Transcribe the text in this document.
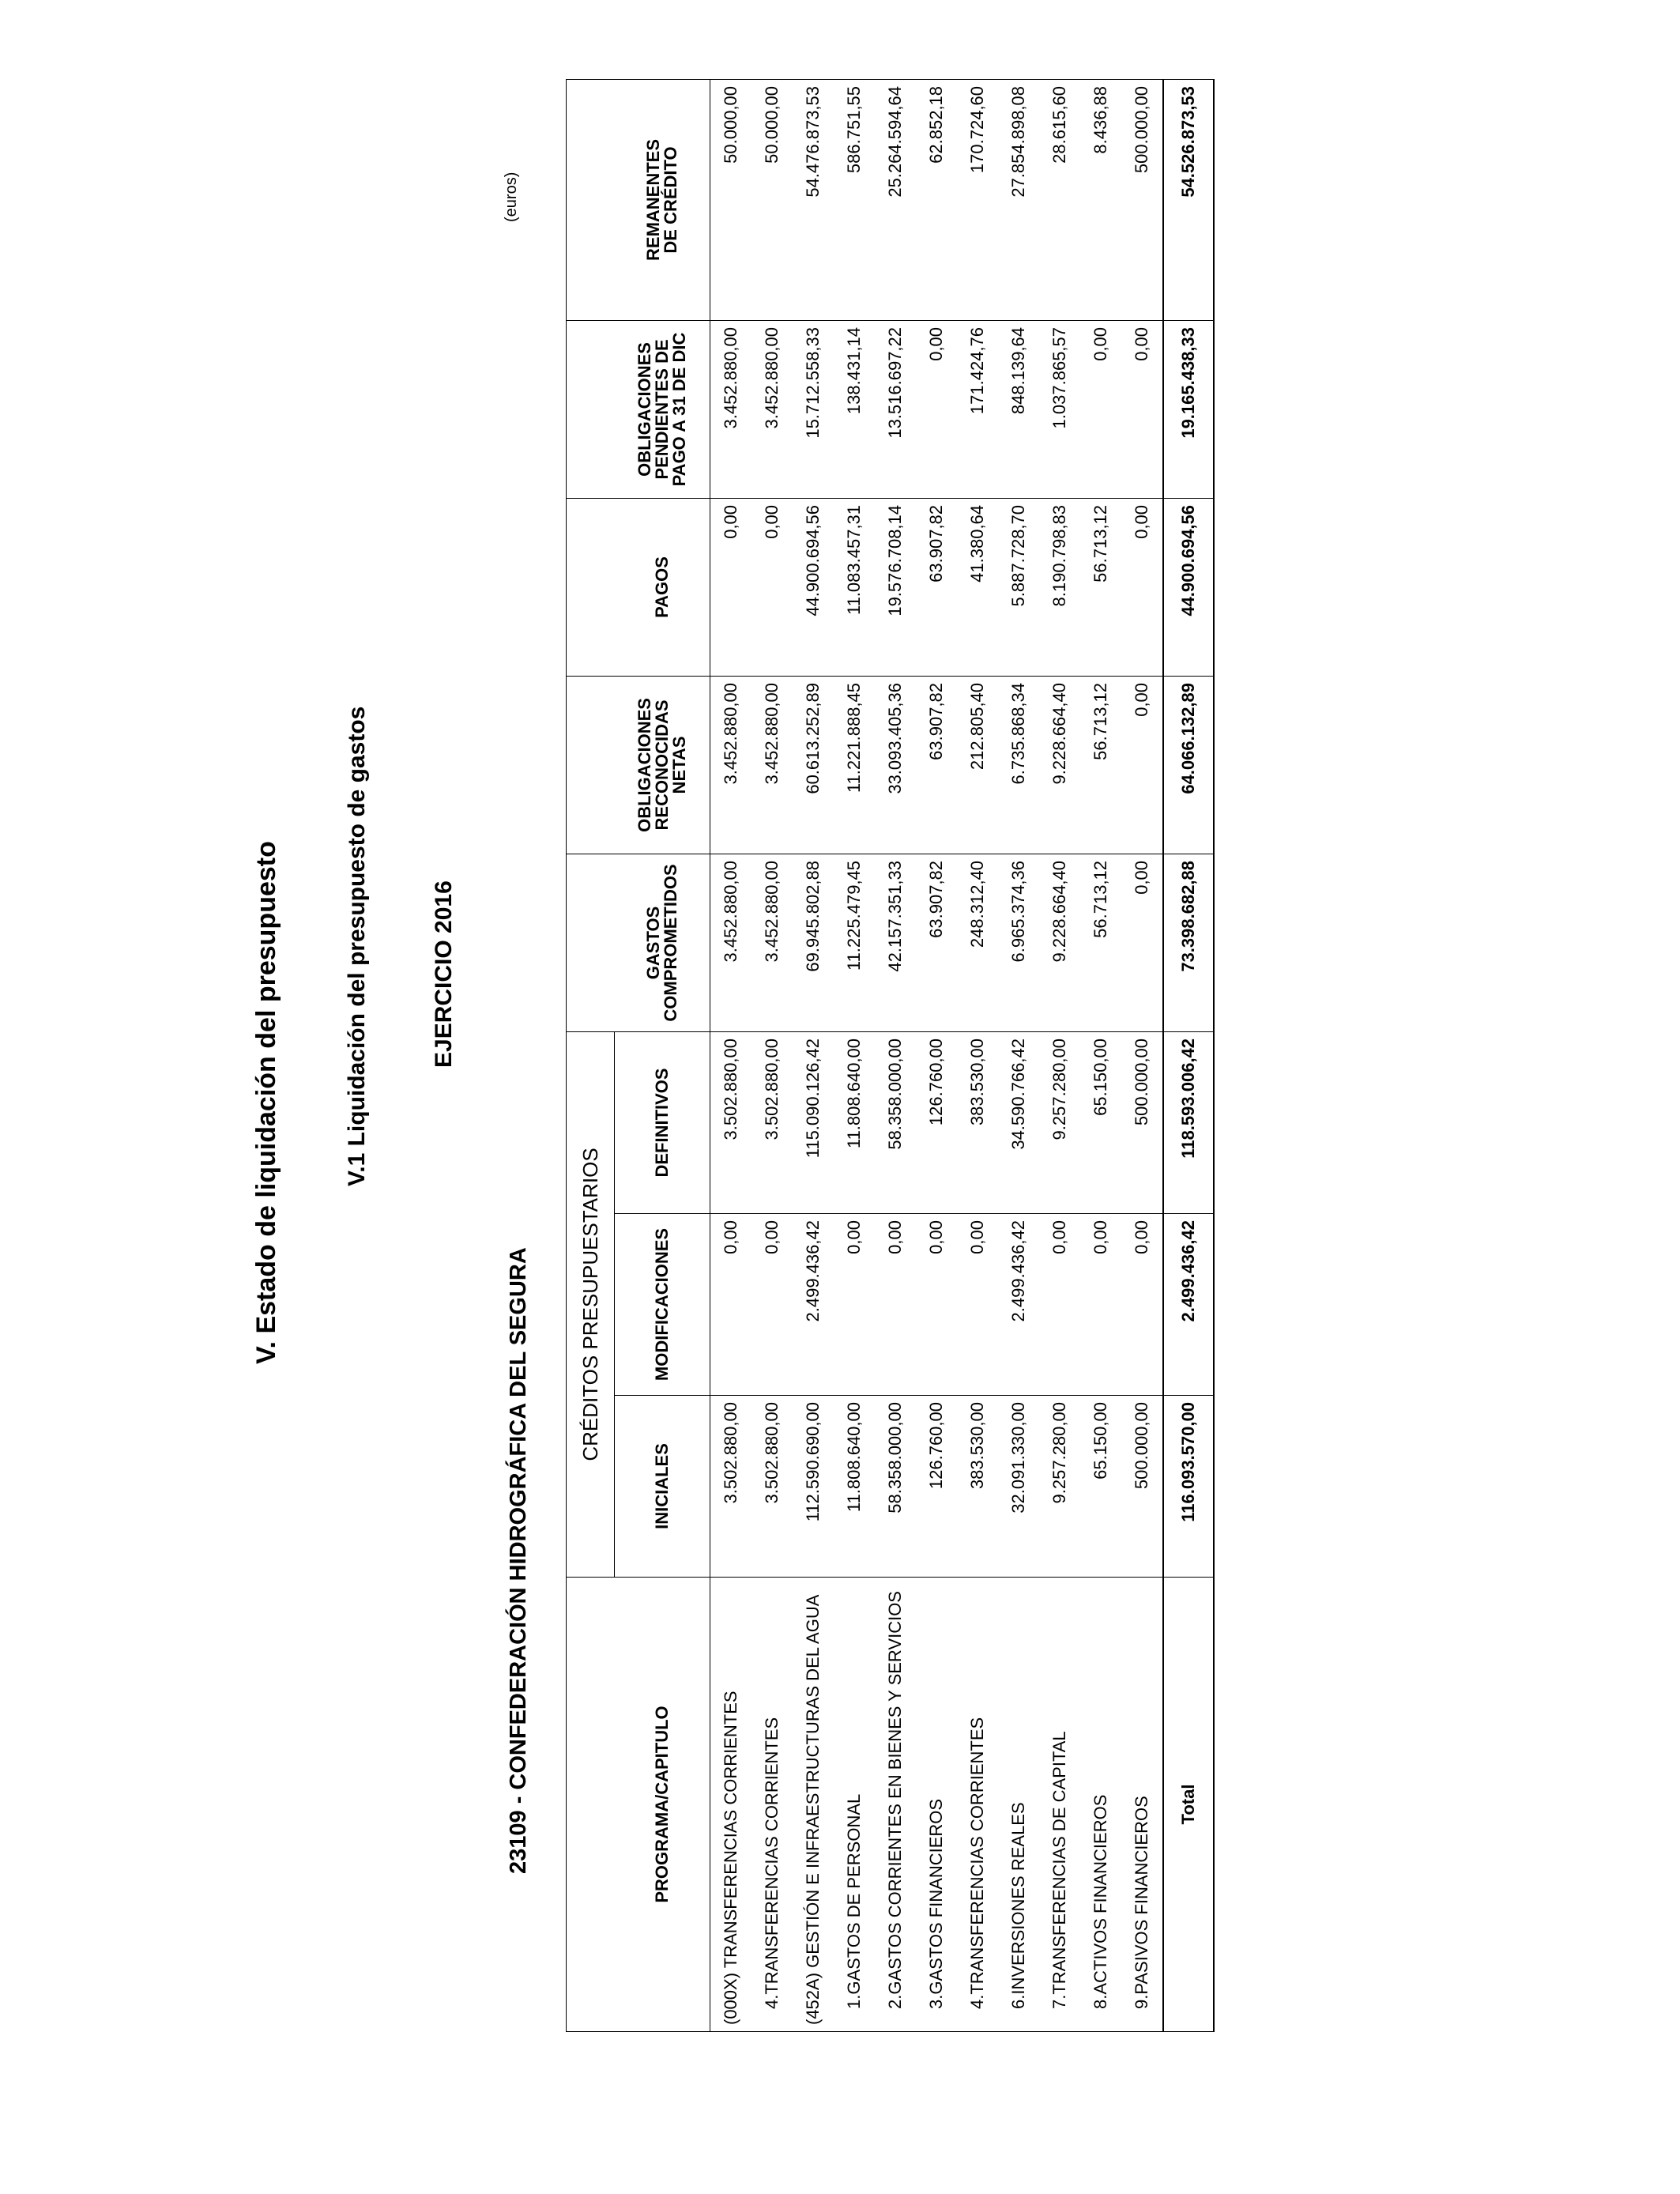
V. Estado de liquidación del presupuesto	V.1 Liquidación del presupuesto de gastos	EJERCICIO 2016
23109 - CONFEDERACIÓN HIDROGRÁFICA DEL SEGURA
(euros)
	CRÉDITOS PRESUPUESTARIOS							
PROGRAMA/CAPITULO	INICIALES	MODIFICACIONES	DEFINITIVOS	GASTOS
COMPROMETIDOS	OBLIGACIONES
RECONOCIDAS
NETAS	PAGOS	OBLIGACIONES
PENDIENTES DE
PAGO A 31 DE DIC	REMANENTES
DE CRÉDITO
(000X) TRANSFERENCIAS CORRIENTES	3.502.880,00	0,00	3.502.880,00	3.452.880,00	3.452.880,00	0,00	3.452.880,00	50.000,00
4.TRANSFERENCIAS CORRIENTES	3.502.880,00	0,00	3.502.880,00	3.452.880,00	3.452.880,00	0,00	3.452.880,00	50.000,00
(452A) GESTIÓN E INFRAESTRUCTURAS DEL AGUA	112.590.690,00	2.499.436,42	115.090.126,42	69.945.802,88	60.613.252,89	44.900.694,56	15.712.558,33	54.476.873,53
1.GASTOS DE PERSONAL	11.808.640,00	0,00	11.808.640,00	11.225.479,45	11.221.888,45	11.083.457,31	138.431,14	586.751,55
2.GASTOS CORRIENTES EN BIENES Y SERVICIOS	58.358.000,00	0,00	58.358.000,00	42.157.351,33	33.093.405,36	19.576.708,14	13.516.697,22	25.264.594,64
3.GASTOS FINANCIEROS	126.760,00	0,00	126.760,00	63.907,82	63.907,82	63.907,82	0,00	62.852,18
4.TRANSFERENCIAS CORRIENTES	383.530,00	0,00	383.530,00	248.312,40	212.805,40	41.380,64	171.424,76	170.724,60
6.INVERSIONES REALES	32.091.330,00	2.499.436,42	34.590.766,42	6.965.374,36	6.735.868,34	5.887.728,70	848.139,64	27.854.898,08
7.TRANSFERENCIAS DE CAPITAL	9.257.280,00	0,00	9.257.280,00	9.228.664,40	9.228.664,40	8.190.798,83	1.037.865,57	28.615,60
8.ACTIVOS FINANCIEROS	65.150,00	0,00	65.150,00	56.713,12	56.713,12	56.713,12	0,00	8.436,88
9.PASIVOS FINANCIEROS	500.000,00	0,00	500.000,00	0,00	0,00	0,00	0,00	500.000,00
Total	116.093.570,00	2.499.436,42	118.593.006,42	73.398.682,88	64.066.132,89	44.900.694,56	19.165.438,33	54.526.873,53
